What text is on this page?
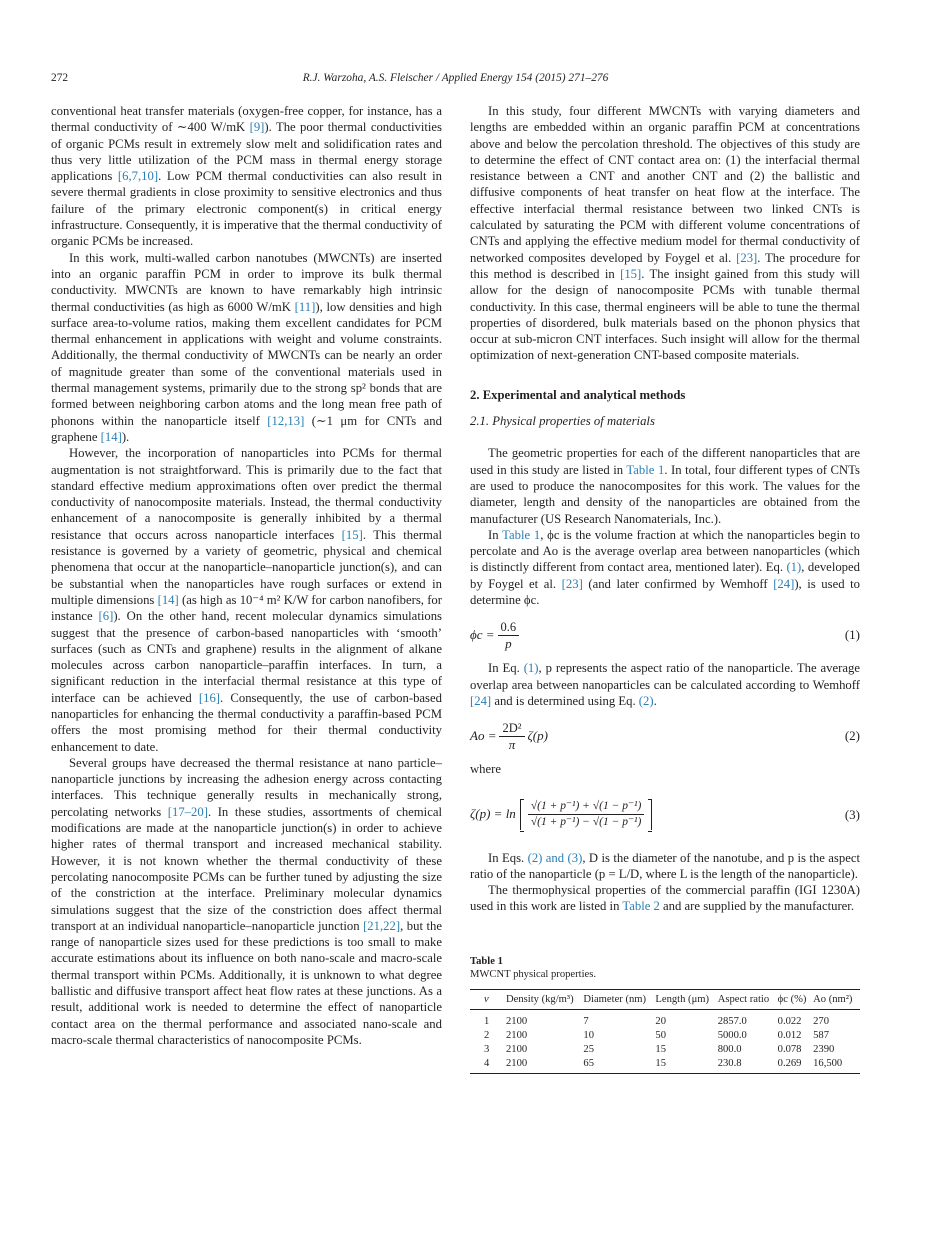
272	R.J. Warzoha, A.S. Fleischer / Applied Energy 154 (2015) 271–276

conventional heat transfer materials (oxygen-free copper, for instance, has a thermal conductivity of ∼400 W/mK [9]). The poor thermal conductivities of organic PCMs result in extremely slow melt and solidification rates and thus very little utilization of the PCM mass in thermal energy storage applications [6,7,10]. Low PCM thermal conductivities can also result in severe thermal gradients in close proximity to sensitive electronics and thus failure of the primary electronic component(s) in critical energy infrastructure. Consequently, it is imperative that the thermal conductivity of organic PCMs be increased.

In this work, multi-walled carbon nanotubes (MWCNTs) are inserted into an organic paraffin PCM in order to improve its bulk thermal conductivity. MWCNTs are known to have remarkably high intrinsic thermal conductivities (as high as 6000 W/mK [11]), low densities and high surface area-to-volume ratios, making them excellent candidates for PCM thermal enhancement in applications with weight and volume constraints. Additionally, the thermal conductivity of MWCNTs can be nearly an order of magnitude greater than some of the conventional materials used in thermal management systems, primarily due to the strong sp² bonds that are formed between neighboring carbon atoms and the long mean free path of phonons within the nanoparticle itself [12,13] (∼1 μm for CNTs and graphene [14]).

However, the incorporation of nanoparticles into PCMs for thermal augmentation is not straightforward. This is primarily due to the fact that standard effective medium approximations often over predict the thermal conductivity of nanocomposite materials. Instead, the thermal conductivity enhancement of a nanocomposite is generally inhibited by a thermal resistance that occurs across nanoparticle interfaces [15]. This thermal resistance is governed by a variety of geometric, physical and chemical phenomena that occur at the nanoparticle–nanoparticle junction(s), and can be substantial when the nanoparticles have rough surfaces or extend in multiple dimensions [14] (as high as 10⁻⁴ m² K/W for carbon nanofibers, for instance [6]). On the other hand, recent molecular dynamics simulations suggest that the presence of carbon-based nanoparticles with ‘smooth’ surfaces (such as CNTs and graphene) results in the alignment of alkane molecules across carbon nanoparticle–paraffin interfaces. In turn, a significant reduction in the interfacial thermal resistance at this type of interface can be achieved [16]. Consequently, the use of carbon-based nanoparticles for enhancing the thermal conductivity a paraffin-based PCM offers the most promising method for their thermal conductivity enhancement to date.

Several groups have decreased the thermal resistance at nano particle–nanoparticle junctions by increasing the adhesion energy across contacting interfaces. This technique generally results in mechanically strong, percolating networks [17–20]. In these studies, assortments of chemical modifications are made at the nanoparticle junction(s) in order to achieve higher rates of thermal transport and increased mechanical stability. However, it is not known whether the thermal conductivity of these percolating nanocomposite PCMs can be further tuned by adjusting the size of the constriction at the interface. Preliminary molecular dynamics simulations suggest that the size of the constriction does affect thermal transport at an individual nanoparticle–nanoparticle junction [21,22], but the range of nanoparticle sizes used for these predictions is too small to make accurate estimations about its influence on both nano-scale and macro-scale thermal transport within PCMs. Additionally, it is unknown to what degree ballistic and diffusive transport affect heat flow rates at these junctions. As a result, additional work is needed to determine the effect of nanoparticle contact area on the thermal performance and associated nano-scale and macro-scale thermal characteristics of nanocomposite PCMs.

In this study, four different MWCNTs with varying diameters and lengths are embedded within an organic paraffin PCM at concentrations above and below the percolation threshold. The objectives of this study are to determine the effect of CNT contact area on: (1) the interfacial thermal resistance between a CNT and another CNT and (2) the ballistic and diffusive components of heat transfer on heat flow at the interface. The effective interfacial thermal resistance between two linked CNTs is calculated by saturating the PCM with different volume concentrations of CNTs and applying the effective medium model for thermal conductivity of networked composites developed by Foygel et al. [23]. The procedure for this method is described in [15]. The insight gained from this study will allow for the design of nanocomposite PCMs with tunable thermal conductivity. In this case, thermal engineers will be able to tune the thermal properties of disordered, bulk materials based on the phonon physics that occur at sub-micron CNT interfaces. Such insight will allow for the thermal optimization of next-generation CNT-based composite materials.

2. Experimental and analytical methods
2.1. Physical properties of materials

The geometric properties for each of the different nanoparticles that are used in this study are listed in Table 1. In total, four different types of CNTs are used to produce the nanocomposites for this work. The values for the diameter, length and density of the nanoparticles are obtained from the manufacturer (US Research Nanomaterials, Inc.).

In Table 1, ϕc is the volume fraction at which the nanoparticles begin to percolate and Ao is the average overlap area between nanoparticles (which is distinctly different from contact area, mentioned later). Eq. (1), developed by Foygel et al. [23] (and later confirmed by Wemhoff [24]), is used to determine ϕc.

$\phi c = \frac{0.6}{p}$	(1)

In Eq. (1), p represents the aspect ratio of the nanoparticle. The average overlap area between nanoparticles can be calculated according to Wemhoff [24] and is determined using Eq. (2).

$Ao = \frac{\text{2D²}}{\pi} \zeta(p)$	(2)

where

$\zeta(p) = \ln \frac{\text{√(1 + p⁻¹) + √(1 − p⁻¹)}}{\text{√(1 + p⁻¹) − √(1 − p⁻¹)}}$	(3)

In Eqs. (2) and (3), D is the diameter of the nanotube, and p is the aspect ratio of the nanoparticle (p = L/D, where L is the length of the nanoparticle).

The thermophysical properties of the commercial paraffin (IGI 1230A) used in this work are listed in Table 2 and are supplied by the manufacturer.

Table 1
MWCNT physical properties.
ν	Density (kg/m³)	Diameter (nm)	Length (μm)	Aspect ratio	ϕc (%)	Ao (nm²)
1	2100	7	20	2857.0	0.022	270
2	2100	10	50	5000.0	0.012	587
3	2100	25	15	800.0	0.078	2390
4	2100	65	15	230.8	0.269	16,500
